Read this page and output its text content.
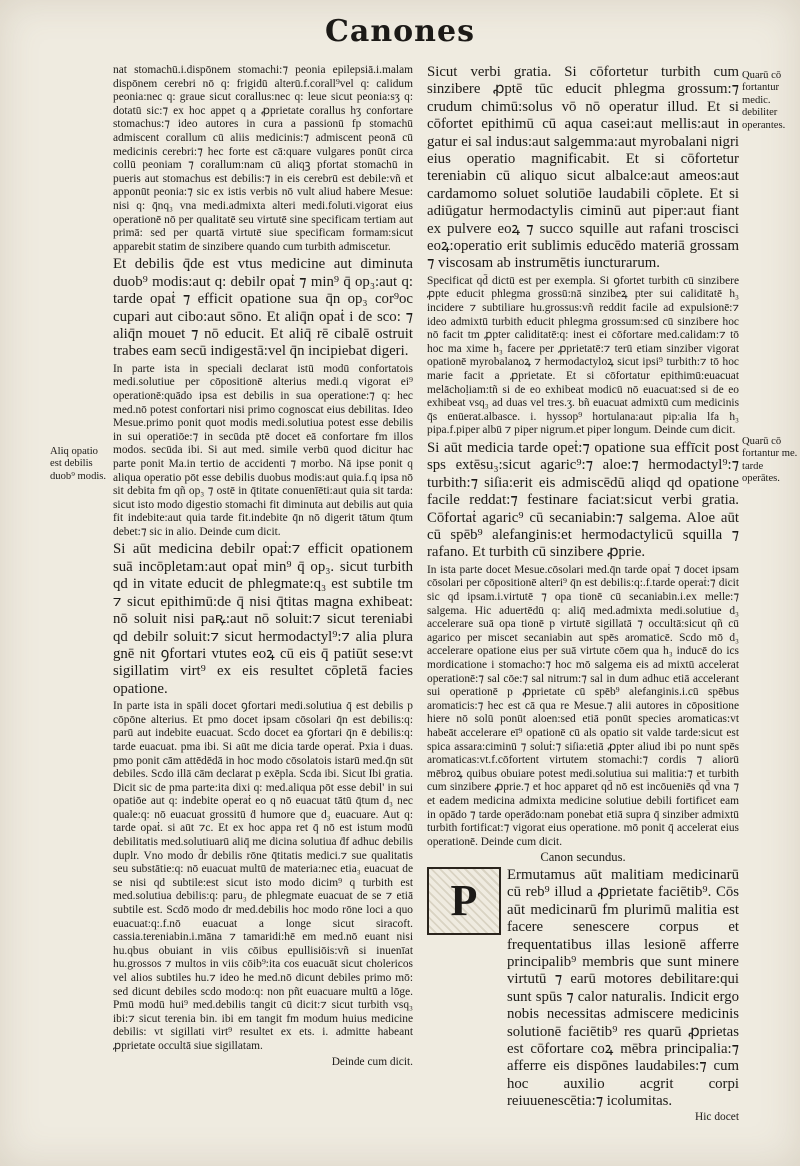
Canones

nat stomachū.i.dispōnem stomachi:⁊ peonia epilepsiā.i.malam dispōnem cerebri nō q: frigidū alterū.f.corall⁹vel q: calidum peonia:nec q: graue sicut corallus:nec q: leue sicut peonia:sʒ q: dotatū sic:⁊ ex hoc appet q a ꝓprietate corallus hʒ confortare stomachus:⁊ ideo autores in cura a passionū fp stomachū admiscent corallum cū aliis medicinis:⁊ admiscent peonā cū medicinis cerebri:⁊ hec forte est cā:quare vulgares ponūt circa collū peoniam ⁊ corallum:nam cū aliqꝫ pfortat stomachū in pueris aut stomachus est debilis:⁊ in eis cerebrū est debile:vñ et apponūt peonia:⁊ sic ex istis verbis nō vult aliud habere Mesue: nisi q: q̄nq₃ vna medi.admixta alteri medi.foluti.vigorat eius operationē nō per qualitatē seu virtutē sine specificam tertiam aut primā: sed per quartā virtutē siue specificam formam:sicut apparebit statim de sinzibere quando cum turbith admiscetur.

Et debilis q̄de est vtus medicine aut diminuta duob⁹ modis:aut q: debilr opaṫ ⁊ min⁹ q̄ op₃:aut q: tarde opaṫ ⁊ efficit opatione sua q̄n op₃ cor⁹oc cupari aut cibo:aut sōno. Et aliq̄n opaṫ i de sco: ⁊ aliq̄n mouet ⁊ nō educit. Et aliq̄ rē cibalē ostruit trabes eam secū indigestā:vel q̄n incipiebat digeri.

In parte ista in speciali declarat istū modū confortatois medi.solutiue per cōpositionē alterius medi.q vigorat ei⁹ operationē:quādo ipsa est debilis in sua operatione:⁊ q: hec med.nō potest confortari nisi primo cognoscat eius debilitas. Ideo Mesue.primo ponit quot modis medi.solutiua potest esse debilis in sui operatiōe:⁊ in secūda ptē docet eā confortare fm illos modos. secūda ibi. Si aut med. simile verbū quod dicitur hac parte ponit Ma.in tertio de accidenti ⁊ morbo. Nā ipse ponit q aliqua operatio pōt esse debilis duobus modis:aut quia.f.q ipsa nō sit debita fm qñ op₃ ⁊ ostē in q̄titate conuenīēti:aut quia sit tarda: sicut isto modo digestio stomachi fit diminuta aut debilis aut quia fit indebite:aut quia tarde fit.indebite q̄n nō digerit tātum q̄tum debet:⁊ sic in alio. Deinde cum dicit.

Si aūt medicina debilr opaṫ:⁊ efficit opationem suā incōpletam:aut opaṫ min⁹ q̄ op₃. sicut turbith qd in vitate educit de phlegmate:q₃ est subtile tm ⁊ sicut epithimū:de q̄ nisi q̄titas magna exhibeat: nō soluit nisi paꝶ:aut nō soluit:⁊ sicut tereniabi qd debilr soluit:⁊ sicut hermodactyl⁹:⁊ alia plura gnē nit ꝯfortari vtutes eoꝝ cū eis q̄ patiūt sese:vt sigillatim virt⁹ ex eis resultet cōpletā facies opatione.

In parte ista in spāli docet ꝯfortari medi.solutiua q̄ est debilis p cōpōne alterius. Et pmo docet ipsam cōsolari q̄n est debilis:q: parū aut indebite euacuat. Scdo docet ea ꝯfortari q̄n ē debilis:q: tarde euacuat. pma ibi. Si aūt me dicia tarde operaṫ. Pxia i duas. pmo ponit cām attēdēdā in hoc modo cōsolatois istarū med.q̄n sūt debiles. Scdo illā cām declarat p exēpla. Scda ibi. Sicut Ibi gratia. Dicit sic de pma parte:ita dixi q: med.aliqua pōt esse debil' in sui opatiōe aut q: indebite operaṫ eo q nō euacuat tātū q̄tum d₃ nec quale:q: nō euacuat grossitū ḋ humore que d₃ euacuare. Aut q: tarde opaṫ. si aūt ⁊c. Et ex hoc appa ret q̄ nō est istum modū debilitatis med.solutiuarū aliq̄ me dicina solutiua ḋf adhuc debilis duplr. Vno modo d̄r debilis rōne q̄titatis medici.⁊ sue qualitatis seu substātie:q: nō euacuat multū de materia:nec etia₃ euacuat de se nisi qd subtile:est sicut isto modo dicim⁹ q turbith est med.solutiua debilis:q: paru₃ de phlegmate euacuat de se ⁊ etiā subtile est. Scdō modo dr med.debilis hoc modo rōne loci a quo euacuat:q:.f.nō euacuat a longe sicut siracoft. cassia.tereniabin.i.māna ⁊ tamaridi:hē em med.nō euant nisi hu.qbus obuiant in viis cōibus epullisiōis:vñ si inuenīat hu.grossos ⁊ multos in viis cōib⁹:ita cos euacuāt sicut cholericos vel alios subtiles hu.⁊ ideo he med.nō dicunt debiles primo mō: sed dicunt debiles scdo modo:q: non pñt euacuare multū a lōge. Pmū modū hui⁹ med.debilis tangit cū dicit:⁊ sicut turbith vsq₃ ibi:⁊ sicut terenia bin. ibi em tangit fm modum huius medicine debilis: vt sigillati virt⁹ resultet ex ets. i. admitte habeant ꝓprietate occultā siue sigillatam.

Deinde cum dicit.

Sicut verbi gratia. Si cōfortetur turbith cum sinzibere ꝓptē tūc educit phlegma grossum:⁊ crudum chimū:solus vō nō operatur illud. Et si cōfortet epithimū cū aqua casei:aut mellis:aut in gatur ei sal indus:aut salgemma:aut myrobalani nigri eius operatio magnificabit. Et si cōfortetur tereniabin cū aliquo sicut albalce:aut ameos:aut cardamomo soluet solutiōe laudabili cōplete. Et si adiūgatur hermodactylis ciminū aut piper:aut fiant ex pulvere eoꝝ ⁊ succo squille aut rafani troscisci eoꝝ:operatio erit sublimis educēdo materiā grossam ⁊ viscosam ab instrumētis iuncturarum.

Specificat qd̄ dictū est per exempla. Si ꝯfortet turbith cū sinzibere ꝓpte educit phlegma grossū:nā sinzibeꝝ pter sui caliditatē h₃ incidere ⁊ subtiliare hu.grossus:vñ reddit facile ad expulsionē:⁊ ideo admixtū turbith educit phlegma grossum:sed cū sinzibere hoc nō facit tm ꝓpter caliditatē:q: inest ei cōfortare med.calidam:⁊ tō hoc ma xime h₃ facere per ꝓprietatē:⁊ terū etiam sinziber vigorat opationē myrobalanoꝝ ⁊ hermodactyloꝝ sicut ipsi⁹ turbith:⁊ tō hoc marie facit a ꝓprietate. Et si cōfortatur epithimū:euacuat melāchoḷiam:tñ si de eo exhibeat modicū nō euacuat:sed si de eo exhibeat vsq₃ ad duas vel tres.ʒ. bñ euacuat admixtū cum medicinis q̄s enūerat.albasce. i. hyssop⁹ hortulana:aut pip:alia lfa h₃ pipa.f.piper albū ⁊ piper nigrum.et piper longum. Deinde cum dicit.

Si aūt medicia tarde opeṫ:⁊ opatione sua effīcit post sps extēsu₃:sicut agaric⁹:⁊ aloe:⁊ hermodactyl⁹:⁊ turbith:⁊ siſia:erit eis admiscēdū aliqd qd opatione facile reddat:⁊ festinare faciat:sicut verbi gratia. Cōfortaṫ agaric⁹ cū secaniabin:⁊ salgema. Aloe aūt cū spēb⁹ alefanginis:et hermodactylicū squilla ⁊ rafano. Et turbith cū sinzibere ꝓprie.

In ista parte docet Mesue.cōsolari med.q̄n tarde opaṫ ⁊ docet ipsam cōsolari per cōpositionē alteri⁹ q̄n est debilis:q:.f.tarde operaṫ:⁊ dicit sic qd ipsam.i.virtutē ⁊ opa tionē cū secaniabin.i.ex melle:⁊ salgema. Hic aduertēdū q: aliq̄ med.admixta medi.solutiue d₃ accelerare suā opa tionē p virtutē sigillatā ⁊ occultā:sicut qñ cū agarico per miscet secaniabin aut spēs aromaticē. Scdo mō d₃ accelerare opatione eius per suā virtute cōem qua h₃ inducē do ics mordicatione i stomacho:⁊ hoc mō salgema eis ad mixtū accelerat operationē:⁊ sal cōe:⁊ sal nitrum:⁊ sal in dum adhuc etiā accelerant sui operationē p ꝓprietate cū spēb⁹ alefanginis.i.cū spēbus aromaticis:⁊ hec est cā qua re Mesue.⁊ alii autores in cōpositione hiere nō solū ponūt aloen:sed etiā ponūt species aromaticas:vt habeāt accelerare eī⁹ opationē cū als opatio sit valde tarde:sicut est spica assara:ciminū ⁊ soluṫ:⁊ siſia:etiā ꝓpter aliud ibi po nunt spēs aromaticas:vt.f.cōfortent virtutem stomachi:⁊ cordis ⁊ aliorū mēbroꝝ quibus obuiare potest medi.solutiua sui malitia:⁊ et turbith cum sinzibere ꝓprie.⁊ et hoc apparet qd̄ nō est incōueniēs qd̄ vna ⁊ et eadem medicina admixta medicine solutiue debili fortificet eam in opādo ⁊ tarde operādo:nam ponebat etiā supra q̄ sinziber admixtū turbith fortificat:⁊ vigorat eius operatione. mō ponit q̄ accelerat eius operationē. Deinde cum dicit.

Canon secundus.

P
Ermutamus aūt malitiam medicinarū cū reb⁹ illud a ꝓprietate faciētib⁹. Cōs aūt medicinarū fm plurimū malitia est facere senescere corpus et frequentatibus illas lesionē afferre principalib⁹ membris que sunt minere virtutū ⁊ earū motores debilitare:qui sunt spūs ⁊ calor naturalis. Indicit ergo nobis necessitas admiscere medicinis solutionē faciētib⁹ res quarū ꝓprietas est cōfortare coꝝ mēbra principalia:⁊ afferre eis dispōnes laudabiles:⁊ cum hoc auxilio acgrit corpi reiuuenescētia:⁊ icolumitas.

Hic docet

Aliq opatio est debilis duob⁹ modis.
Quarū cō fortantur medic. debiliter operantes.
Quarū cō fortantur me. tarde operātes.
